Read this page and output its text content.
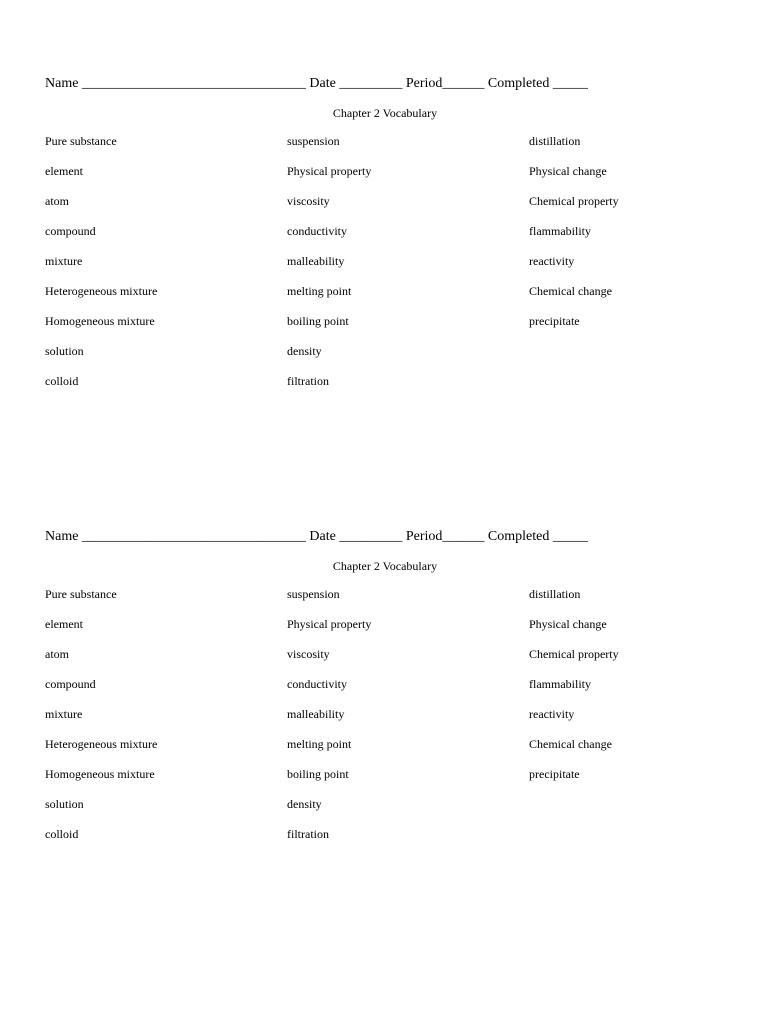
Name ________________________________ Date _________ Period______ Completed _____
Chapter 2 Vocabulary
Pure substance
element
atom
compound
mixture
Heterogeneous mixture
Homogeneous mixture
solution
colloid
suspension
Physical property
viscosity
conductivity
malleability
melting point
boiling point
density
filtration
distillation
Physical change
Chemical property
flammability
reactivity
Chemical change
precipitate
Name ________________________________ Date _________ Period______ Completed _____
Chapter 2 Vocabulary
Pure substance
element
atom
compound
mixture
Heterogeneous mixture
Homogeneous mixture
solution
colloid
suspension
Physical property
viscosity
conductivity
malleability
melting point
boiling point
density
filtration
distillation
Physical change
Chemical property
flammability
reactivity
Chemical change
precipitate
